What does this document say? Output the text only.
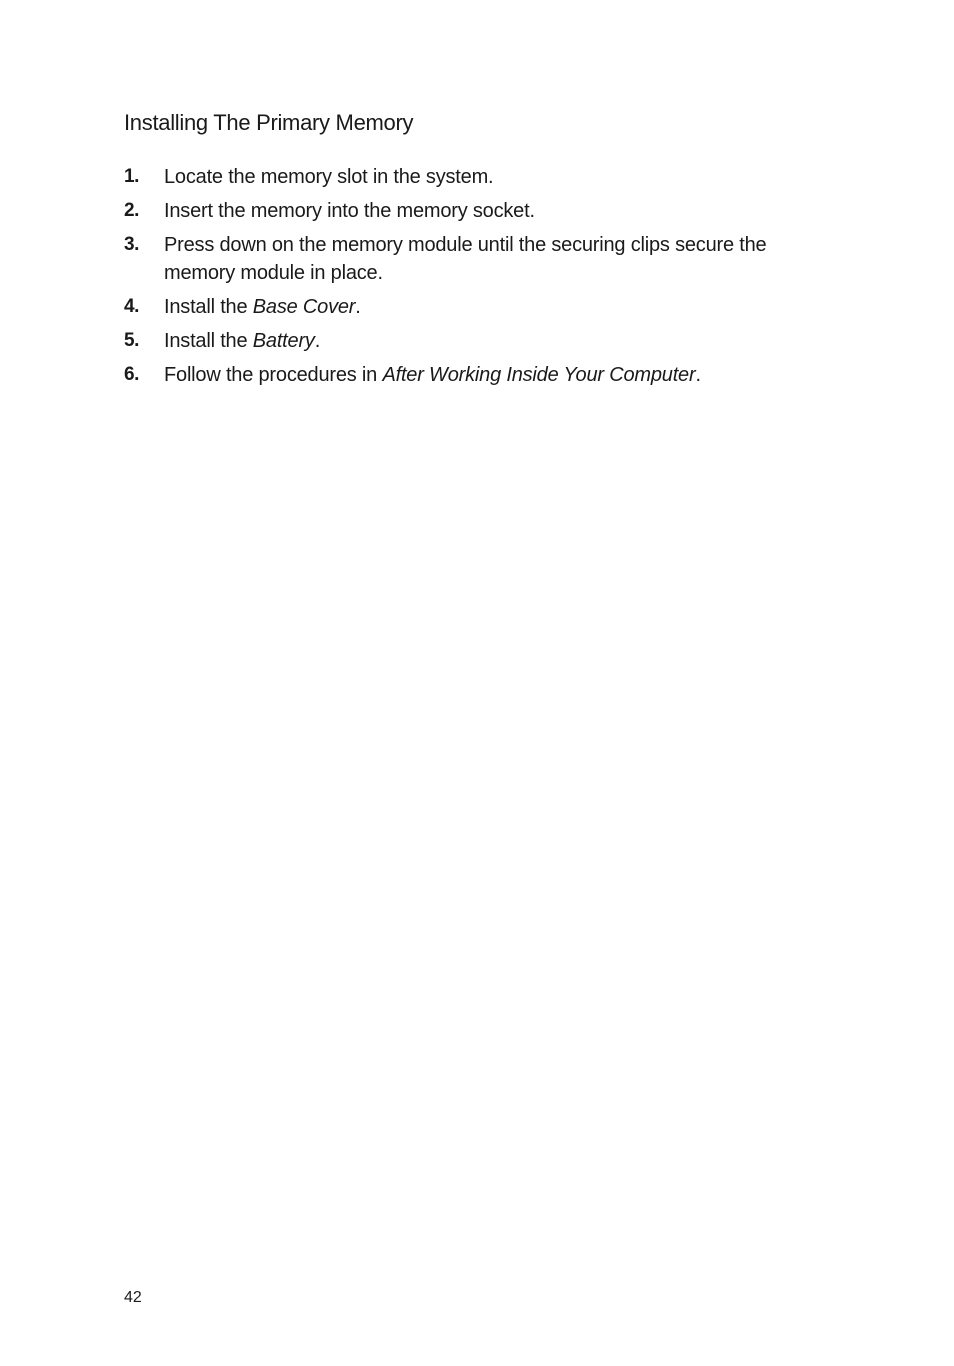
Installing The Primary Memory
1. Locate the memory slot in the system.
2. Insert the memory into the memory socket.
3. Press down on the memory module until the securing clips secure the memory module in place.
4. Install the Base Cover.
5. Install the Battery.
6. Follow the procedures in After Working Inside Your Computer.
42
